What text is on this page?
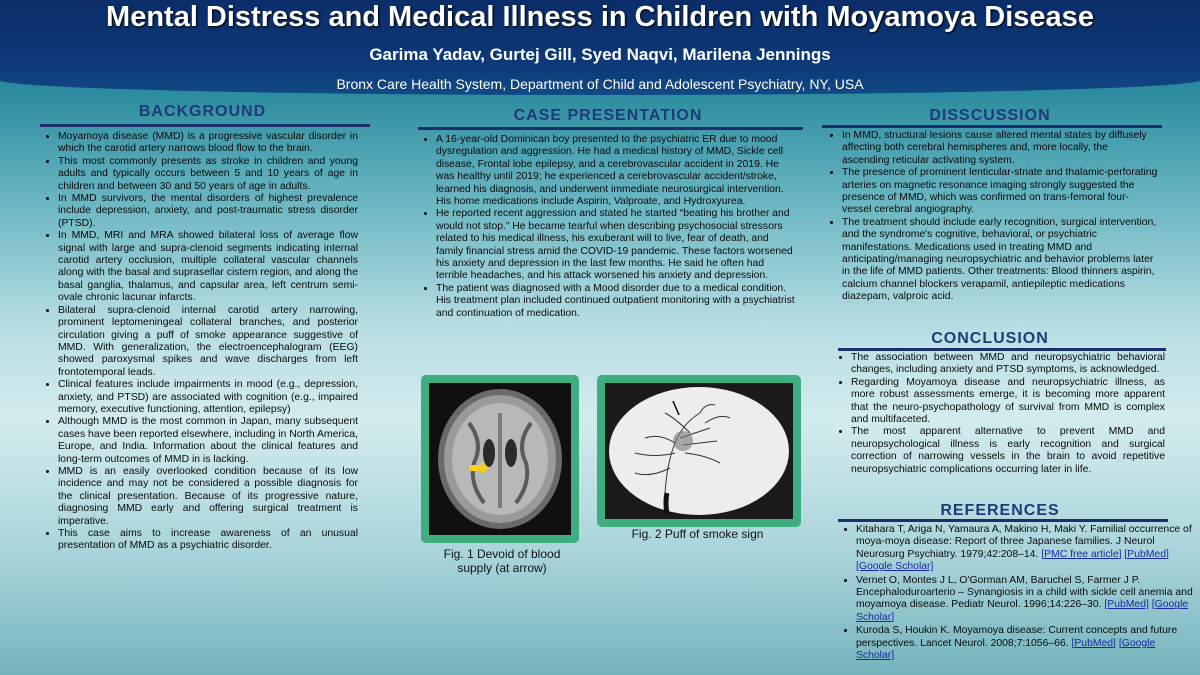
Mental Distress and Medical Illness in Children with Moyamoya Disease
Garima Yadav, Gurtej Gill, Syed Naqvi, Marilena Jennings
Bronx Care Health System, Department of Child and Adolescent Psychiatry, NY, USA
BACKGROUND
• Moyamoya disease (MMD) is a progressive vascular disorder in which the carotid artery narrows blood flow to the brain.
• This most commonly presents as stroke in children and young adults and typically occurs between 5 and 10 years of age in children and between 30 and 50 years of age in adults.
• In MMD survivors, the mental disorders of highest prevalence include depression, anxiety, and post-traumatic stress disorder (PTSD).
• In MMD, MRI and MRA showed bilateral loss of average flow signal with large and supra-clenoid segments indicating internal carotid artery occlusion, multiple collateral vascular channels along with the basal and suprasellar cistern region, and along the basal ganglia, thalamus, and capsular area, left centrum semi-ovale chronic lacunar infarcts.
• Bilateral supra-clenoid internal carotid artery narrowing, prominent leptomeningeal collateral branches, and posterior circulation giving a puff of smoke appearance suggestive of MMD. With generalization, the electroencephalogram (EEG) showed paroxysmal spikes and wave discharges from left frontotemporal leads.
• Clinical features include impairments in mood (e.g., depression, anxiety, and PTSD) are associated with cognition (e.g., impaired memory, executive functioning, attention, epilepsy)
• Although MMD is the most common in Japan, many subsequent cases have been reported elsewhere, including in North America, Europe, and India. Information about the clinical features and long-term outcomes of MMD in is lacking.
• MMD is an easily overlooked condition because of its low incidence and may not be considered a possible diagnosis for the clinical presentation. Because of its progressive nature, diagnosing MMD early and offering surgical treatment is imperative.
• This case aims to increase awareness of an unusual presentation of MMD as a psychiatric disorder.
CASE PRESENTATION
• A 16-year-old Dominican boy presented to the psychiatric ER due to mood dysregulation and aggression. He had a medical history of MMD, Sickle cell disease, Frontal lobe epilepsy, and a cerebrovascular accident in 2019. He was healthy until 2019; he experienced a cerebrovascular accident/stroke, learned his diagnosis, and underwent immediate neurosurgical intervention. His home medications include Aspirin, Valproate, and Hydroxyurea.
• He reported recent aggression and stated he started “beating his brother and would not stop.” He became tearful when describing psychosocial stressors related to his medical illness, his exuberant will to live, fear of death, and family financial stress amid the COVID-19 pandemic. These factors worsened his anxiety and depression in the last few months. He said he often had terrible headaches, and his attack worsened his anxiety and depression.
• The patient was diagnosed with a Mood disorder due to a medical condition. His treatment plan included continued outpatient monitoring with a psychiatrist and continuation of medication.
Fig. 1 Devoid of blood supply (at arrow)
Fig. 2 Puff of smoke sign
DISSCUSSION
• In MMD, structural lesions cause altered mental states by diffusely affecting both cerebral hemispheres and, more locally, the ascending reticular activating system.
• The presence of prominent lenticular-striate and thalamic-perforating arteries on magnetic resonance imaging strongly suggested the presence of MMD, which was confirmed on trans-femoral four-vessel cerebral angiography.
• The treatment should include early recognition, surgical intervention, and the syndrome's cognitive, behavioral, or psychiatric manifestations. Medications used in treating MMD and anticipating/managing neuropsychiatric and behavior problems later in the life of MMD patients. Other treatments: Blood thinners aspirin, calcium channel blockers verapamil, antiepileptic medications diazepam, valproic acid.
CONCLUSION
• The association between MMD and neuropsychiatric behavioral changes, including anxiety and PTSD symptoms, is acknowledged.
• Regarding Moyamoya disease and neuropsychiatric illness, as more robust assessments emerge, it is becoming more apparent that the neuro-psychopathology of survival from MMD is complex and multifaceted.
• The most apparent alternative to prevent MMD and neuropsychological illness is early recognition and surgical correction of narrowing vessels in the brain to avoid repetitive neuropsychiatric complications occurring later in life.
REFERENCES
• Kitahara T, Ariga N, Yamaura A, Makino H, Maki Y. Familial occurrence of moya-moya disease: Report of three Japanese families. J Neurol Neurosurg Psychiatry. 1979;42:208–14. [PMC free article] [PubMed] [Google Scholar]
• Vernet O, Montes J L, O'Gorman AM, Baruchel S, Farmer J P. Encephaloduroarterio – Synangiosis in a child with sickle cell anemia and moyamoya disease. Pediatr Neurol. 1996;14:226–30. [PubMed] [Google Scholar]
• Kuroda S, Houkin K. Moyamoya disease: Current concepts and future perspectives. Lancet Neurol. 2008;7:1056–66. [PubMed] [Google Scholar]
